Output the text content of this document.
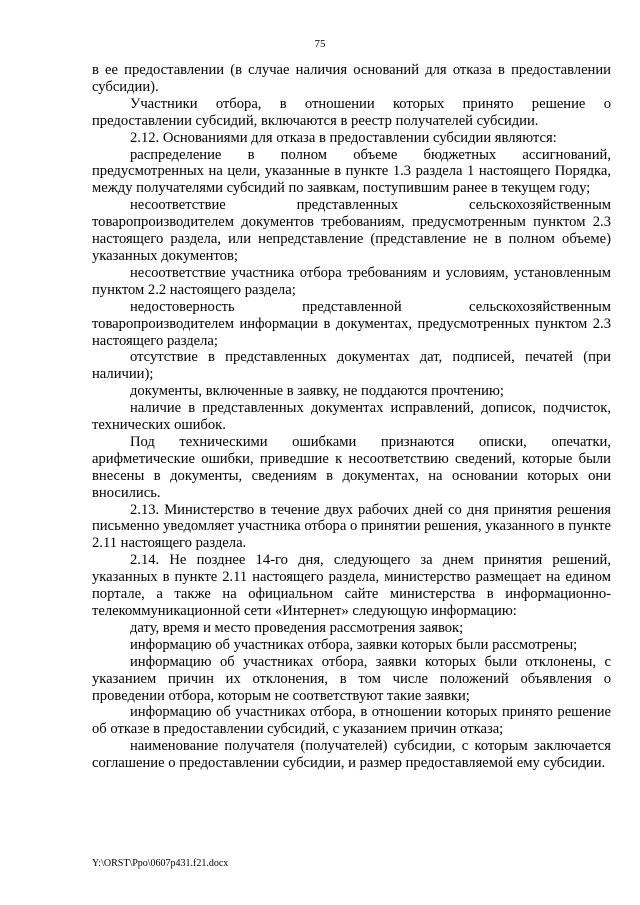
75

в ее предоставлении (в случае наличия оснований для отказа в предоставлении субсидии).

Участники отбора, в отношении которых принято решение о предоставлении субсидий, включаются в реестр получателей субсидии.

2.12. Основаниями для отказа в предоставлении субсидии являются:

распределение в полном объеме бюджетных ассигнований, предусмотренных на цели, указанные в пункте 1.3 раздела 1 настоящего Порядка, между получателями субсидий по заявкам, поступившим ранее в текущем году;

несоответствие представленных сельскохозяйственным товаропроизводителем документов требованиям, предусмотренным пунктом 2.3 настоящего раздела, или непредставление (представление не в полном объеме) указанных документов;

несоответствие участника отбора требованиям и условиям, установленным пунктом 2.2 настоящего раздела;

недостоверность представленной сельскохозяйственным товаропроизводителем информации в документах, предусмотренных пунктом 2.3 настоящего раздела;

отсутствие в представленных документах дат, подписей, печатей (при наличии);

документы, включенные в заявку, не поддаются прочтению;

наличие в представленных документах исправлений, дописок, подчисток, технических ошибок.

Под техническими ошибками признаются описки, опечатки, арифметические ошибки, приведшие к несоответствию сведений, которые были внесены в документы, сведениям в документах, на основании которых они вносились.

2.13. Министерство в течение двух рабочих дней со дня принятия решения письменно уведомляет участника отбора о принятии решения, указанного в пункте 2.11 настоящего раздела.

2.14. Не позднее 14-го дня, следующего за днем принятия решений, указанных в пункте 2.11 настоящего раздела, министерство размещает на едином портале, а также на официальном сайте министерства в информационно-телекоммуникационной сети «Интернет» следующую информацию:

дату, время и место проведения рассмотрения заявок;

информацию об участниках отбора, заявки которых были рассмотрены;

информацию об участниках отбора, заявки которых были отклонены, с указанием причин их отклонения, в том числе положений объявления о проведении отбора, которым не соответствуют такие заявки;

информацию об участниках отбора, в отношении которых принято решение об отказе в предоставлении субсидий, с указанием причин отказа;

наименование получателя (получателей) субсидии, с которым заключается соглашение о предоставлении субсидии, и размер предоставляемой ему субсидии.

Y:\ORST\Ppo\0607p431.f21.docx
